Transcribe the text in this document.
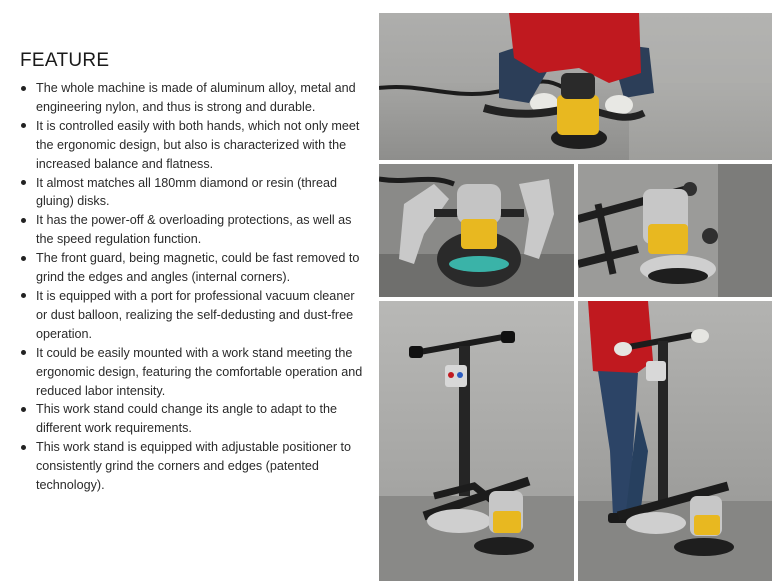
FEATURE
The whole machine is made of aluminum alloy, metal and engineering nylon, and thus is strong and durable.
It is controlled easily with both hands, which not only meet the ergonomic design, but also is characterized with the increased balance and flatness.
It almost matches all 180mm diamond or resin (thread gluing) disks.
It has the power-off & overloading protections, as well as the speed regulation function.
The front guard, being magnetic, could be fast removed to grind the edges and angles (internal corners).
It is equipped with a port for professional vacuum cleaner or dust balloon, realizing the self-dedusting and dust-free operation.
It could be easily mounted with a work stand meeting the ergonomic design, featuring the comfortable operation and reduced labor intensity.
This work stand could change its angle to adapt to the different work requirements.
This work stand is equipped with adjustable positioner to consistently grind the corners and edges (patented technology).
